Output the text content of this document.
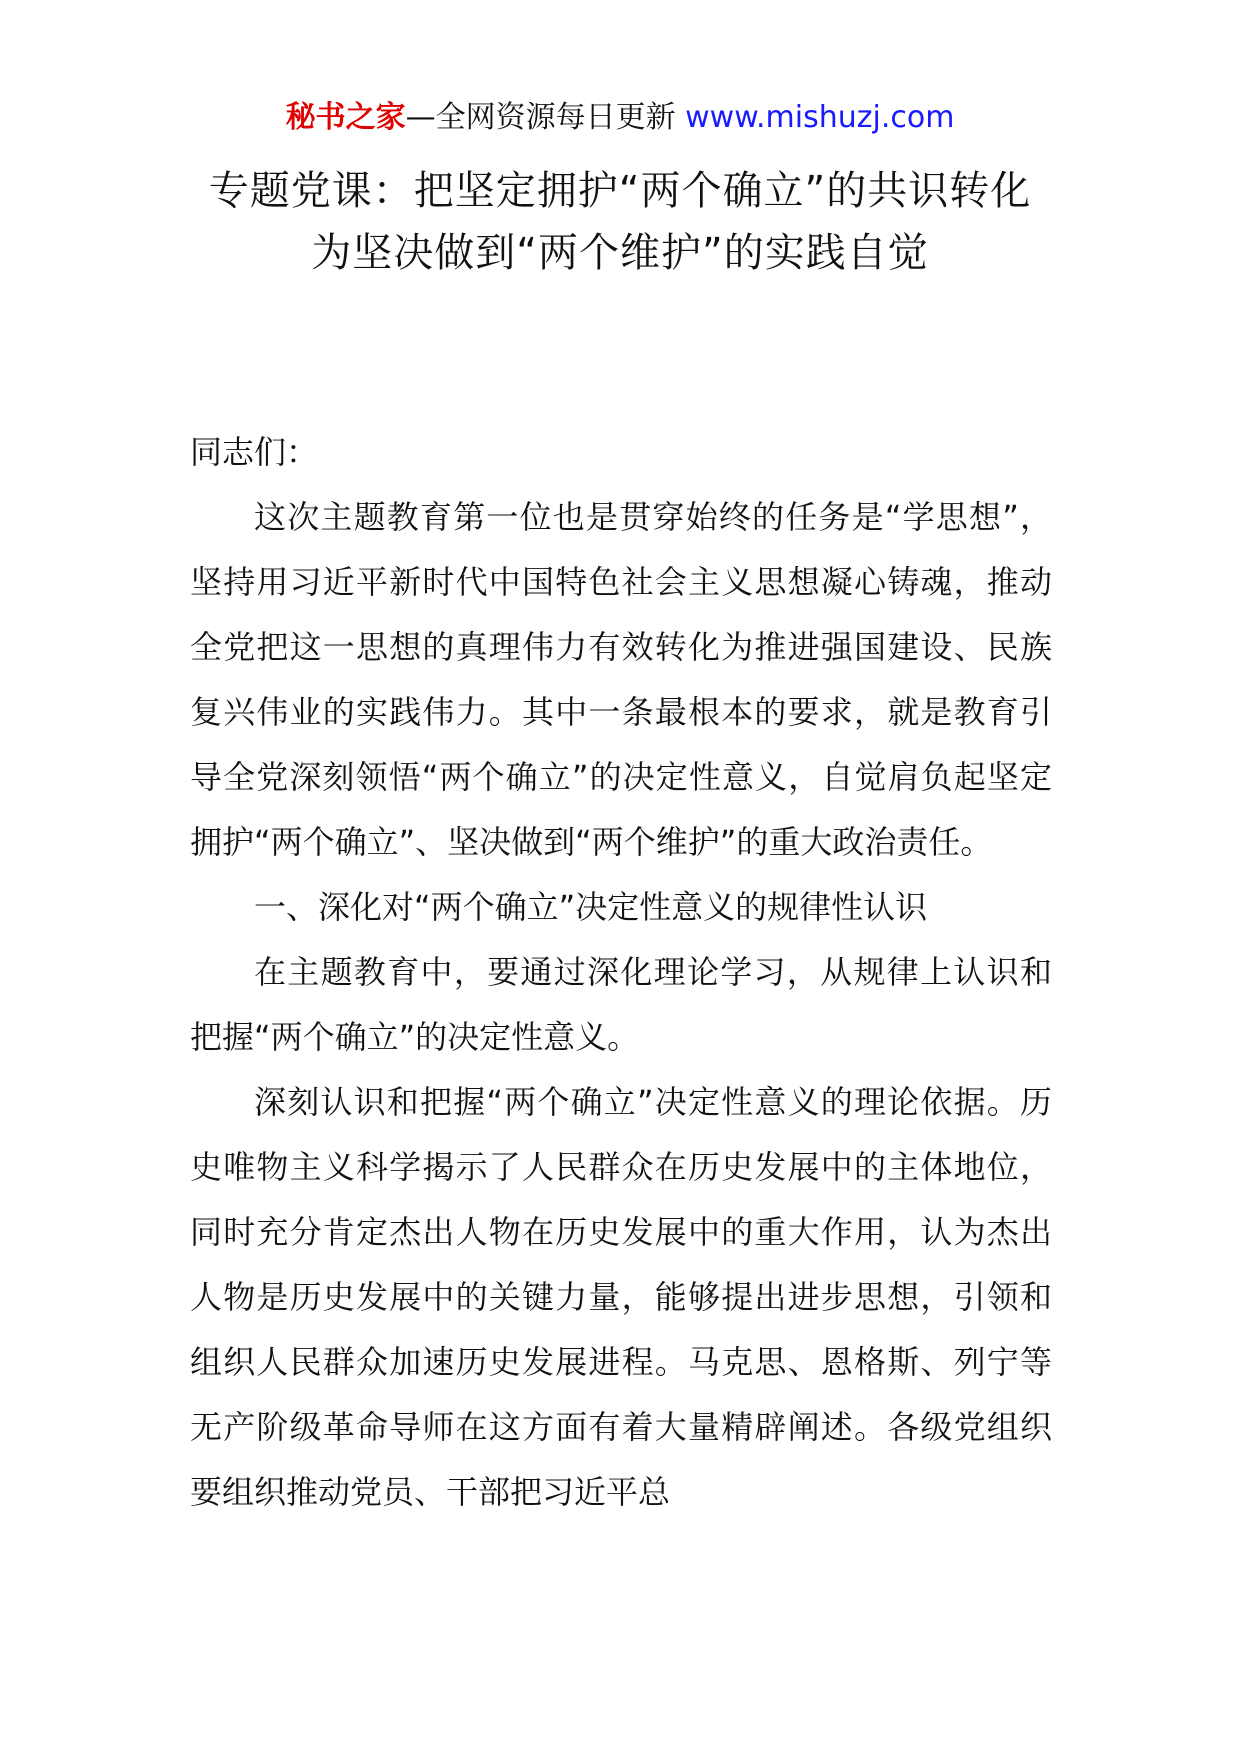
秘书之家—全网资源每日更新 www.mishuzj.com
专题党课：把坚定拥护“两个确立”的共识转化为坚决做到“两个维护”的实践自觉

同志们：

这次主题教育第一位也是贯穿始终的任务是“学思想”，坚持用习近平新时代中国特色社会主义思想凝心铸魂，推动全党把这一思想的真理伟力有效转化为推进强国建设、民族复兴伟业的实践伟力。其中一条最根本的要求，就是教育引导全党深刻领悟“两个确立”的决定性意义，自觉肩负起坚定拥护“两个确立”、坚决做到“两个维护”的重大政治责任。

一、深化对“两个确立”决定性意义的规律性认识

在主题教育中，要通过深化理论学习，从规律上认识和把握“两个确立”的决定性意义。

深刻认识和把握“两个确立”决定性意义的理论依据。历史唯物主义科学揭示了人民群众在历史发展中的主体地位，同时充分肯定杰出人物在历史发展中的重大作用，认为杰出人物是历史发展中的关键力量，能够提出进步思想，引领和组织人民群众加速历史发展进程。马克思、恩格斯、列宁等无产阶级革命导师在这方面有着大量精辟阐述。各级党组织要组织推动党员、干部把习近平总
